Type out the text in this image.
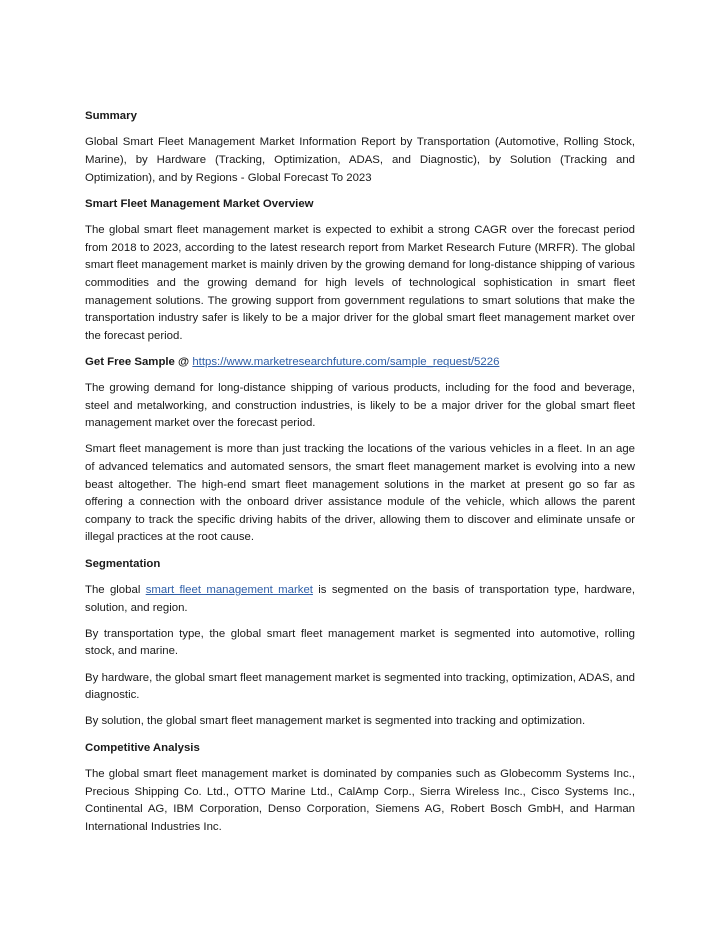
Summary

Global Smart Fleet Management Market Information Report by Transportation (Automotive, Rolling Stock, Marine), by Hardware (Tracking, Optimization, ADAS, and Diagnostic), by Solution (Tracking and Optimization), and by Regions - Global Forecast To 2023

Smart Fleet Management Market Overview

The global smart fleet management market is expected to exhibit a strong CAGR over the forecast period from 2018 to 2023, according to the latest research report from Market Research Future (MRFR). The global smart fleet management market is mainly driven by the growing demand for long-distance shipping of various commodities and the growing demand for high levels of technological sophistication in smart fleet management solutions. The growing support from government regulations to smart solutions that make the transportation industry safer is likely to be a major driver for the global smart fleet management market over the forecast period.

Get Free Sample @ https://www.marketresearchfuture.com/sample_request/5226

The growing demand for long-distance shipping of various products, including for the food and beverage, steel and metalworking, and construction industries, is likely to be a major driver for the global smart fleet management market over the forecast period.

Smart fleet management is more than just tracking the locations of the various vehicles in a fleet. In an age of advanced telematics and automated sensors, the smart fleet management market is evolving into a new beast altogether. The high-end smart fleet management solutions in the market at present go so far as offering a connection with the onboard driver assistance module of the vehicle, which allows the parent company to track the specific driving habits of the driver, allowing them to discover and eliminate unsafe or illegal practices at the root cause.

Segmentation

The global smart fleet management market is segmented on the basis of transportation type, hardware, solution, and region.

By transportation type, the global smart fleet management market is segmented into automotive, rolling stock, and marine.

By hardware, the global smart fleet management market is segmented into tracking, optimization, ADAS, and diagnostic.

By solution, the global smart fleet management market is segmented into tracking and optimization.

Competitive Analysis

The global smart fleet management market is dominated by companies such as Globecomm Systems Inc., Precious Shipping Co. Ltd., OTTO Marine Ltd., CalAmp Corp., Sierra Wireless Inc., Cisco Systems Inc., Continental AG, IBM Corporation, Denso Corporation, Siemens AG, Robert Bosch GmbH, and Harman International Industries Inc.
